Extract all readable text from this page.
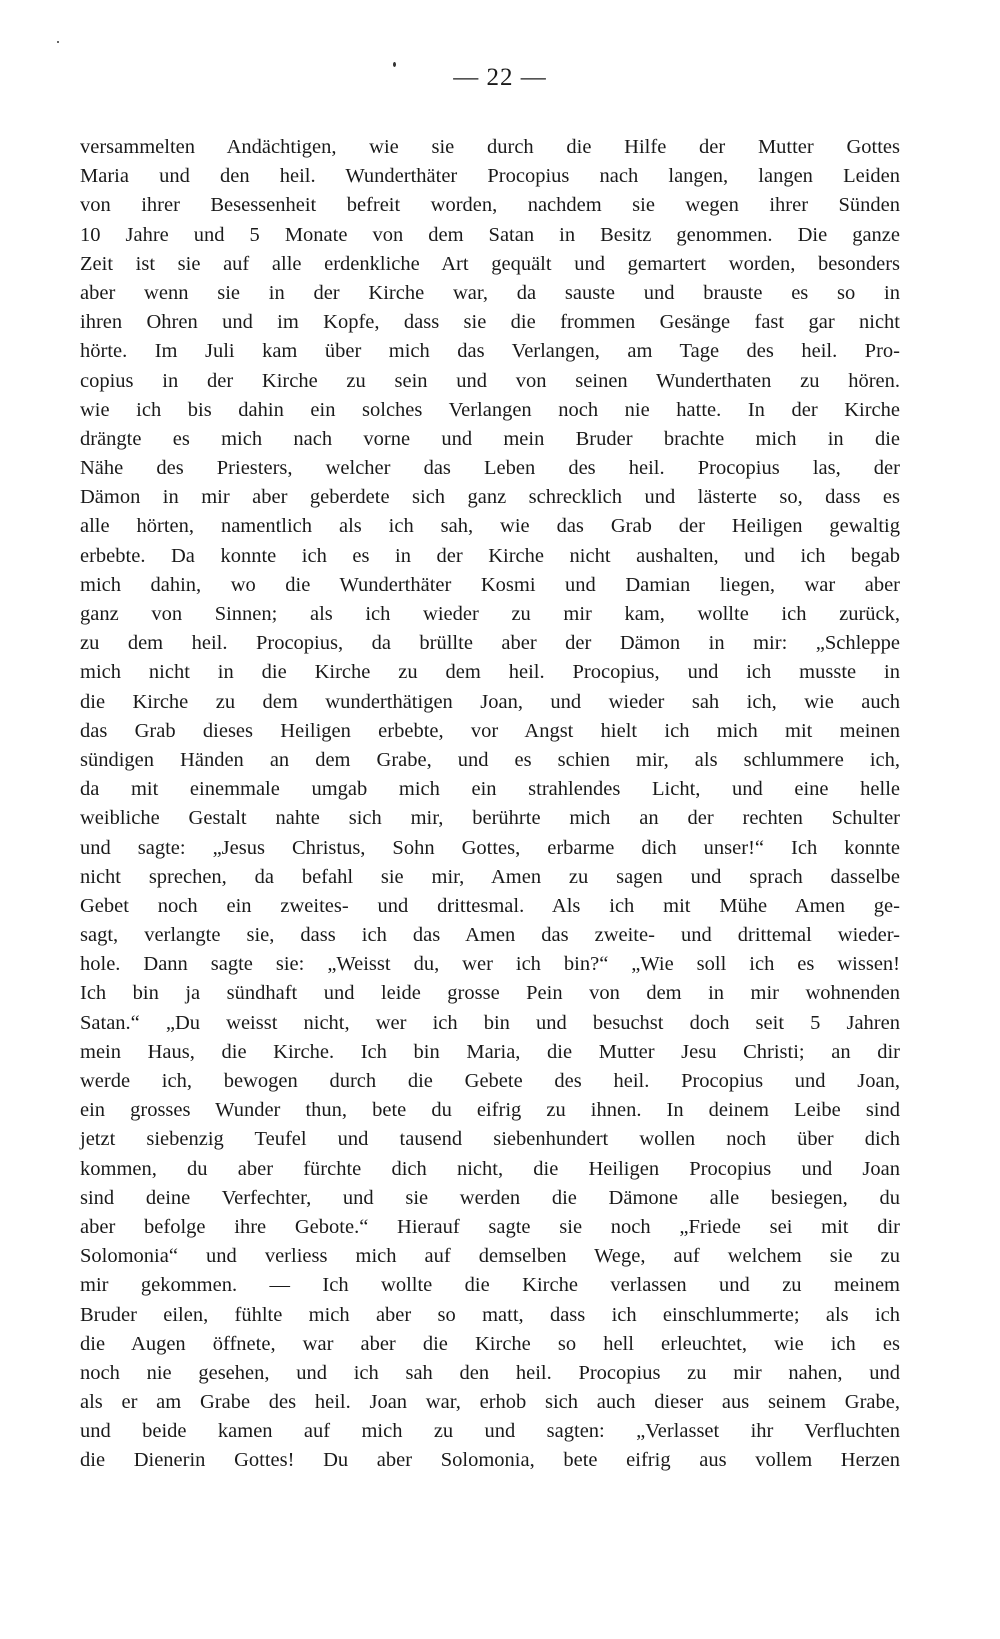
— 22 —
versammelten Andächtigen, wie sie durch die Hilfe der Mutter Gottes
Maria und den heil. Wunderthäter Procopius nach langen, langen Leiden
von ihrer Besessenheit befreit worden, nachdem sie wegen ihrer Sünden
10 Jahre und 5 Monate von dem Satan in Besitz genommen. Die ganze
Zeit ist sie auf alle erdenkliche Art gequält und gemartert worden, besonders
aber wenn sie in der Kirche war, da sauste und brauste es so in
ihren Ohren und im Kopfe, dass sie die frommen Gesänge fast gar nicht
hörte. Im Juli kam über mich das Verlangen, am Tage des heil. Pro-
copius in der Kirche zu sein und von seinen Wunderthaten zu hören.
wie ich bis dahin ein solches Verlangen noch nie hatte. In der Kirche
drängte es mich nach vorne und mein Bruder brachte mich in die
Nähe des Priesters, welcher das Leben des heil. Procopius las, der
Dämon in mir aber geberdete sich ganz schrecklich und lästerte so, dass es
alle hörten, namentlich als ich sah, wie das Grab der Heiligen gewaltig
erbebte. Da konnte ich es in der Kirche nicht aushalten, und ich begab
mich dahin, wo die Wunderthäter Kosmi und Damian liegen, war aber
ganz von Sinnen; als ich wieder zu mir kam, wollte ich zurück,
zu dem heil. Procopius, da brüllte aber der Dämon in mir: „Schleppe
mich nicht in die Kirche zu dem heil. Procopius, und ich musste in
die Kirche zu dem wunderthätigen Joan, und wieder sah ich, wie auch
das Grab dieses Heiligen erbebte, vor Angst hielt ich mich mit meinen
sündigen Händen an dem Grabe, und es schien mir, als schlummere ich,
da mit einemmale umgab mich ein strahlendes Licht, und eine helle
weibliche Gestalt nahte sich mir, berührte mich an der rechten Schulter
und sagte: „Jesus Christus, Sohn Gottes, erbarme dich unser!“ Ich konnte
nicht sprechen, da befahl sie mir, Amen zu sagen und sprach dasselbe
Gebet noch ein zweites- und drittesmal. Als ich mit Mühe Amen ge-
sagt, verlangte sie, dass ich das Amen das zweite- und drittemal wieder-
hole. Dann sagte sie: „Weisst du, wer ich bin?“ „Wie soll ich es wissen!
Ich bin ja sündhaft und leide grosse Pein von dem in mir wohnenden
Satan.“ „Du weisst nicht, wer ich bin und besuchst doch seit 5 Jahren
mein Haus, die Kirche. Ich bin Maria, die Mutter Jesu Christi; an dir
werde ich, bewogen durch die Gebete des heil. Procopius und Joan,
ein grosses Wunder thun, bete du eifrig zu ihnen. In deinem Leibe sind
jetzt siebenzig Teufel und tausend siebenhundert wollen noch über dich
kommen, du aber fürchte dich nicht, die Heiligen Procopius und Joan
sind deine Verfechter, und sie werden die Dämone alle besiegen, du
aber befolge ihre Gebote.“ Hierauf sagte sie noch „Friede sei mit dir
Solomonia“ und verliess mich auf demselben Wege, auf welchem sie zu
mir gekommen. — Ich wollte die Kirche verlassen und zu meinem
Bruder eilen, fühlte mich aber so matt, dass ich einschlummerte; als ich
die Augen öffnete, war aber die Kirche so hell erleuchtet, wie ich es
noch nie gesehen, und ich sah den heil. Procopius zu mir nahen, und
als er am Grabe des heil. Joan war, erhob sich auch dieser aus seinem Grabe,
und beide kamen auf mich zu und sagten: „Verlasset ihr Verfluchten
die Dienerin Gottes! Du aber Solomonia, bete eifrig aus vollem Herzen
